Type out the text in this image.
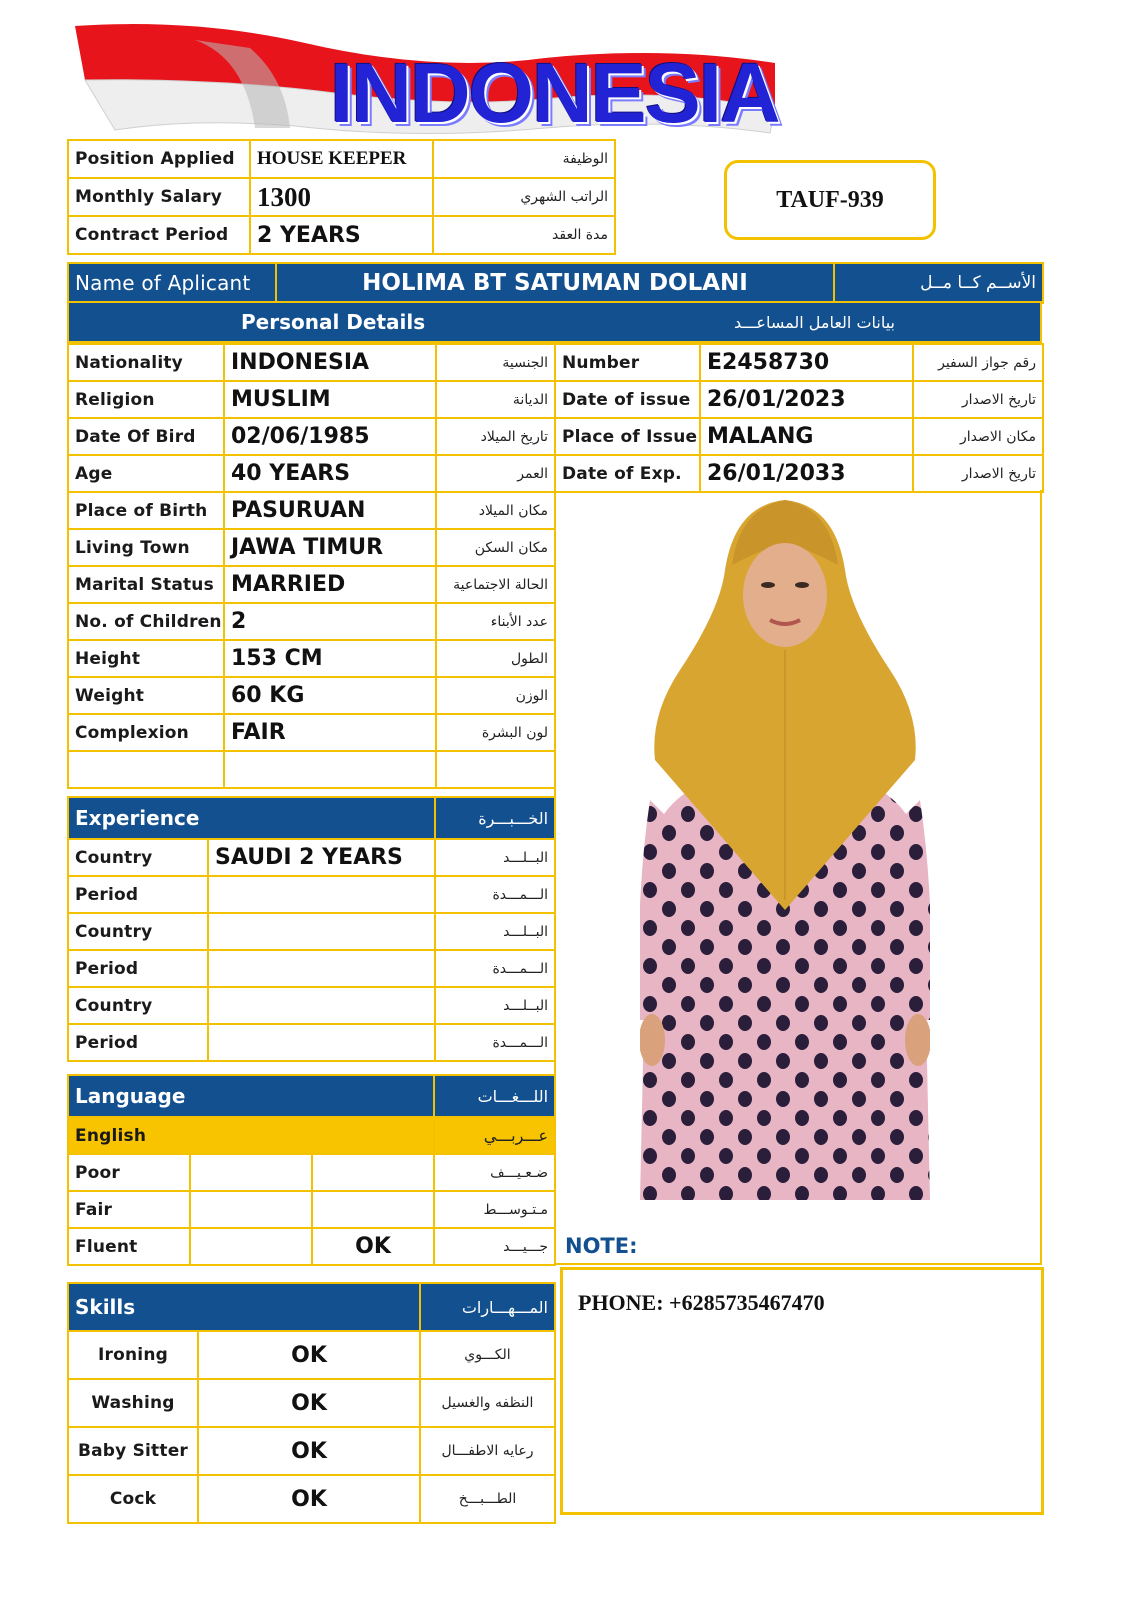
INDONESIA
Position Applied	HOUSE KEEPER	الوظيفة
Monthly Salary	1300	الراتب الشهري
Contract Period	2 YEARS	مدة العقد
TAUF-939
Name of Aplicant	HOLIMA BT SATUMAN DOLANI	الأســم كــا مــل
Personal Details	بيانات العامل المساعـــد
Nationality	INDONESIA	الجنسية
Religion	MUSLIM	الديانة
Date Of Bird	02/06/1985	تاريخ الميلاد
Age	40 YEARS	العمر
Place of Birth	PASURUAN	مكان الميلاد
Living Town	JAWA TIMUR	مكان السكن
Marital Status	MARRIED	الحالة الاجتماعية
No. of Children	2	عدد الأبناء
Height	153 CM	الطول
Weight	60 KG	الوزن
Complexion	FAIR	لون البشرة

Number	E2458730	رقم جواز السفير
Date of issue	26/01/2023	تاريخ الاصدار
Place of Issue	MALANG	مكان الاصدار
Date of Exp.	26/01/2033	تاريخ الاصدار
Experience		الخـــبـــرة
Country	SAUDI 2 YEARS	البــلـــد
Period		الـــمـــدة
Country		البــلـــد
Period		الـــمـــدة
Country		البــلـــد
Period		الـــمـــدة
Language			اللـــغـــات
English			عـــربـــي
Poor			ضـعـيـــف
Fair			مـتـوســـط
Fluent		OK	جـــيـــد
Skills		المـــهـــارات
Ironing	OK	الكـــوي
Washing	OK	النظفه والغسيل
Baby Sitter	OK	رعايه الاطفـــال
Cock	OK	الطـــبـــخ
NOTE:
PHONE: +6285735467470
